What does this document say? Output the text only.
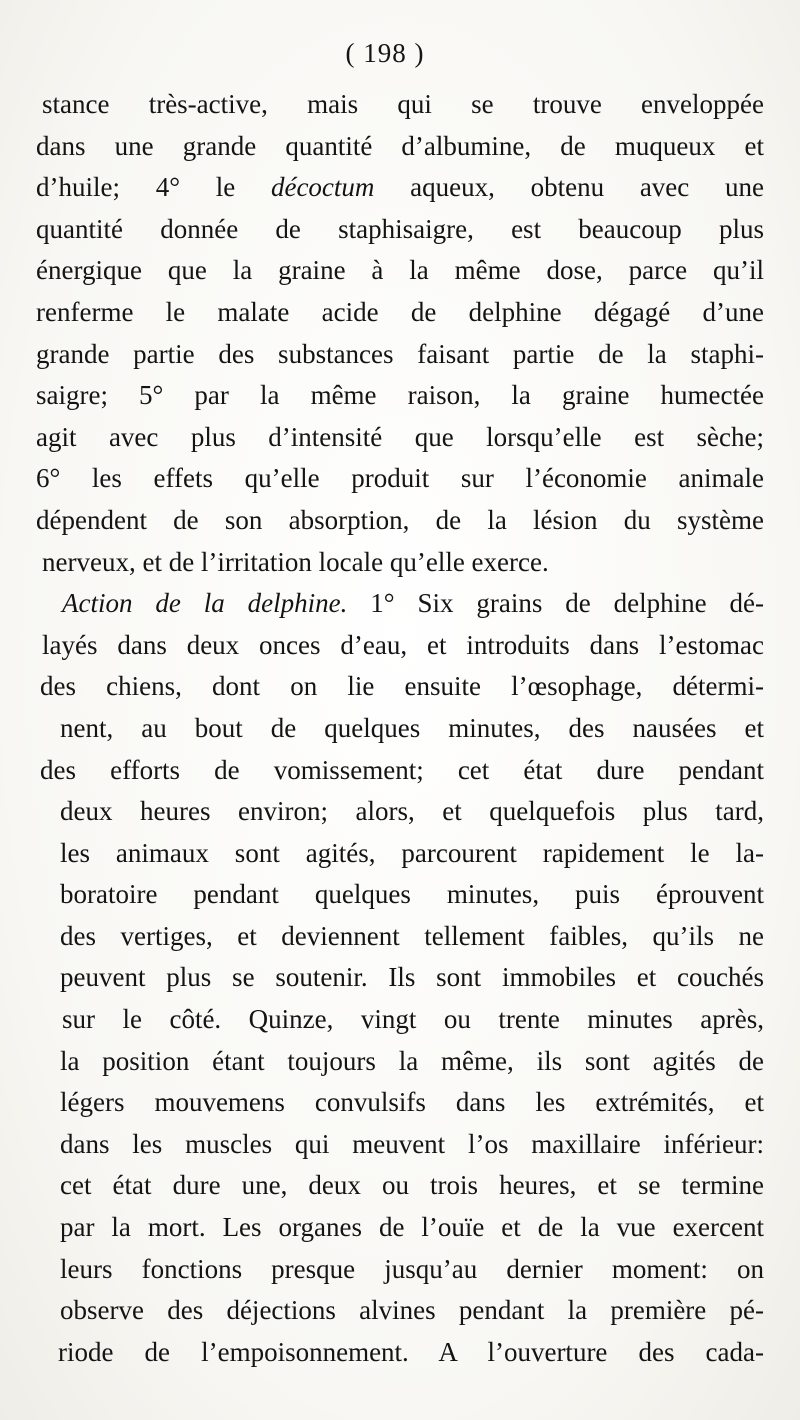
( 198 )
stance très-active, mais qui se trouve enveloppée
dans une grande quantité d’albumine, de muqueux et
d’huile; 4° le décoctum aqueux, obtenu avec une
quantité donnée de staphisaigre, est beaucoup plus
énergique que la graine à la même dose, parce qu’il
renferme le malate acide de delphine dégagé d’une
grande partie des substances faisant partie de la staphi-
saigre; 5° par la même raison, la graine humectée
agit avec plus d’intensité que lorsqu’elle est sèche;
6° les effets qu’elle produit sur l’économie animale
dépendent de son absorption, de la lésion du système
nerveux, et de l’irritation locale qu’elle exerce.
Action de la delphine. 1° Six grains de delphine dé-
layés dans deux onces d’eau, et introduits dans l’estomac
des chiens, dont on lie ensuite l’œsophage, détermi-
nent, au bout de quelques minutes, des nausées et
des efforts de vomissement; cet état dure pendant
deux heures environ; alors, et quelquefois plus tard,
les animaux sont agités, parcourent rapidement le la-
boratoire pendant quelques minutes, puis éprouvent
des vertiges, et deviennent tellement faibles, qu’ils ne
peuvent plus se soutenir. Ils sont immobiles et couchés
sur le côté. Quinze, vingt ou trente minutes après,
la position étant toujours la même, ils sont agités de
légers mouvemens convulsifs dans les extrémités, et
dans les muscles qui meuvent l’os maxillaire inférieur:
cet état dure une, deux ou trois heures, et se termine
par la mort. Les organes de l’ouïe et de la vue exercent
leurs fonctions presque jusqu’au dernier moment: on
observe des déjections alvines pendant la première pé-
riode de l’empoisonnement. A l’ouverture des cada-
